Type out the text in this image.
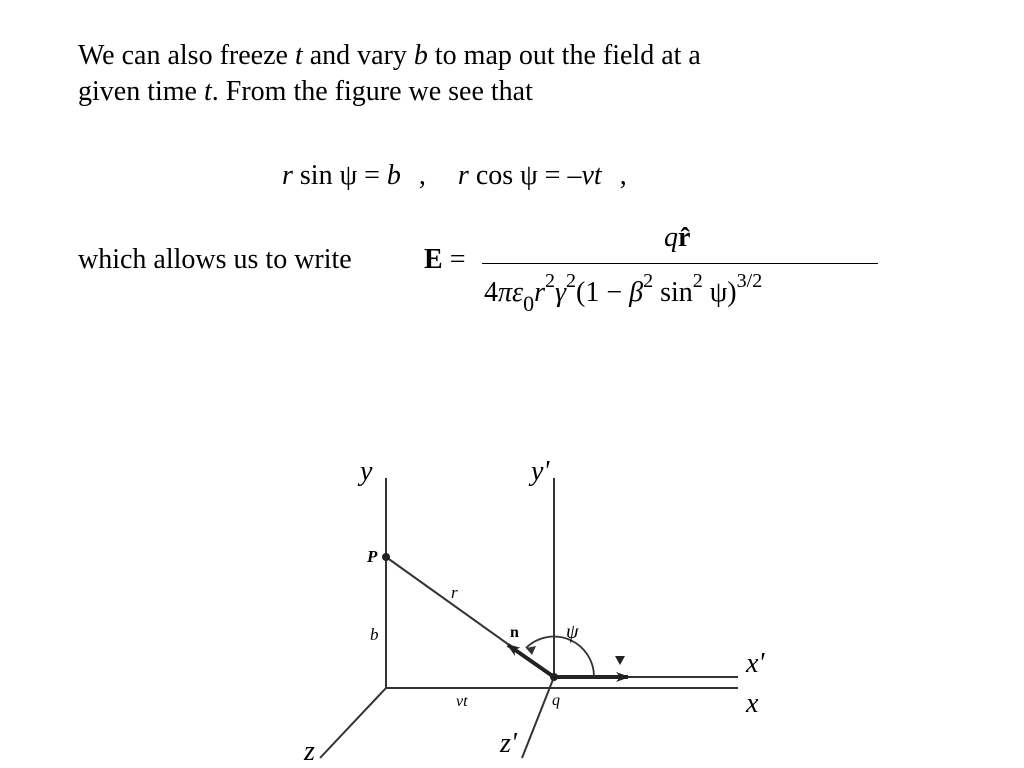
We can also freeze t and vary b to map out the field at a
given time t. From the figure we see that
r sin ψ = b , r cos ψ = –vt ,
which allows us to write	E =
qr̂
$4\pi\varepsilon_0r^2\gamma^2(1 - \beta^2$ $\sin^2 \psi)^{3/2}$
y	y'
P
r
b	n ψ
x'
x
vt	q
z	z'
